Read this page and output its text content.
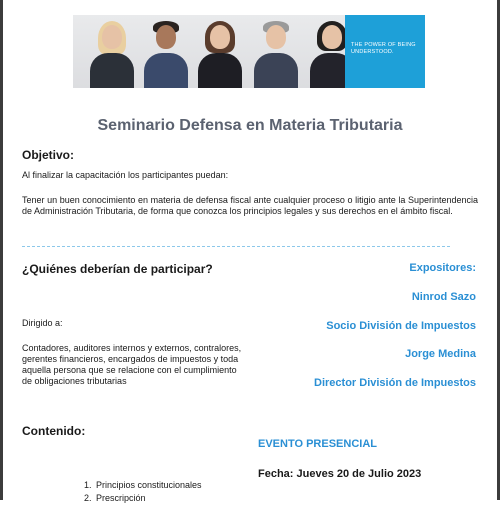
THE POWER OF BEING UNDERSTOOD.
Seminario Defensa en Materia Tributaria
Objetivo:

Al finalizar la capacitación los participantes puedan:

Tener un buen conocimiento en materia de defensa fiscal ante cualquier proceso o litigio ante la Superintendencia de Administración Tributaria, de forma que conozca los principios legales y sus derechos en el ámbito fiscal.

¿Quiénes deberían de participar?

Dirigido a:

Contadores, auditores internos y externos, contralores, gerentes financieros, encargados de impuestos y toda aquella persona que se relacione con el cumplimiento de obligaciones tributarias

Expositores:

Ninrod Sazo

Socio División de Impuestos

Jorge Medina

Director División de Impuestos

Contenido:

EVENTO PRESENCIAL

Fecha: Jueves 20 de Julio 2023

1. Principios constitucionales
2. Prescripción
